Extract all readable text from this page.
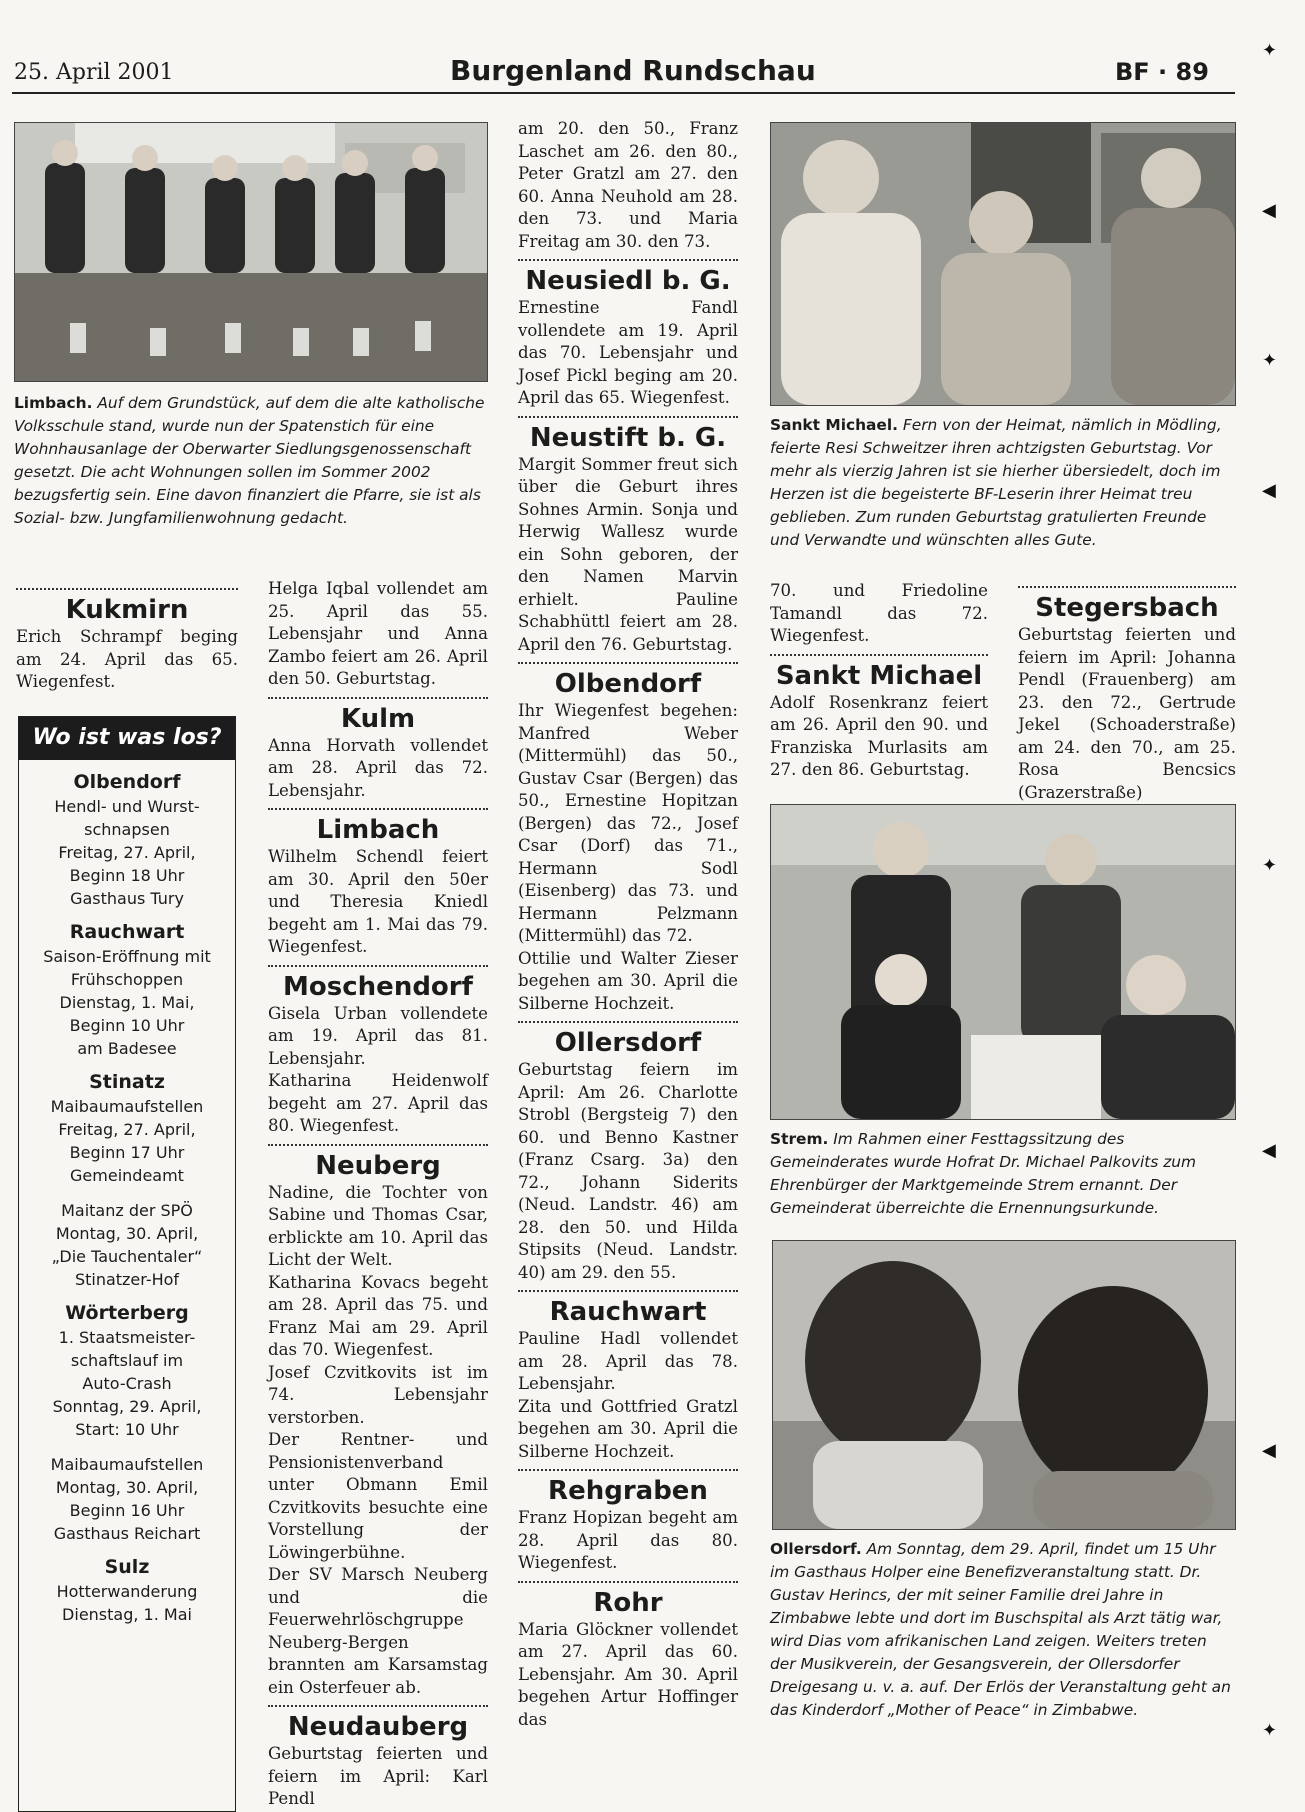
25. April 2001	Burgenland Rundschau	BF · 89

Limbach. Auf dem Grundstück, auf dem die alte katholische Volksschule stand, wurde nun der Spatenstich für eine Wohnhausanlage der Oberwarter Siedlungsgenossenschaft gesetzt. Die acht Wohnungen sollen im Sommer 2002 bezugsfertig sein. Eine davon finanziert die Pfarre, sie ist als Sozial- bzw. Jungfamilienwohnung gedacht.

Kukmirn

Erich Schrampf beging am 24. April das 65. Wiegenfest.

Wo ist was los?
Olbendorf
Hendl- und Wurst-
schnapsen
Freitag, 27. April,
Beginn 18 Uhr
Gasthaus Tury
Rauchwart
Saison-Eröffnung mit
Frühschoppen
Dienstag, 1. Mai,
Beginn 10 Uhr
am Badesee
Stinatz
Maibaumaufstellen
Freitag, 27. April,
Beginn 17 Uhr
Gemeindeamt
Maitanz der SPÖ
Montag, 30. April,
„Die Tauchentaler“
Stinatzer-Hof
Wörterberg
1. Staatsmeister-
schaftslauf im
Auto-Crash
Sonntag, 29. April,
Start: 10 Uhr
Maibaumaufstellen
Montag, 30. April,
Beginn 16 Uhr
Gasthaus Reichart
Sulz
Hotterwanderung
Dienstag, 1. Mai

Helga Iqbal vollendet am 25. April das 55. Lebensjahr und Anna Zambo feiert am 26. April den 50. Geburtstag.

Kulm

Anna Horvath vollendet am 28. April das 72. Lebensjahr.

Limbach

Wilhelm Schendl feiert am 30. April den 50er und Theresia Kniedl begeht am 1. Mai das 79. Wiegenfest.

Moschendorf

Gisela Urban vollendete am 19. April das 81. Lebensjahr.

Katharina Heidenwolf begeht am 27. April das 80. Wiegenfest.

Neuberg

Nadine, die Tochter von Sabine und Thomas Csar, erblickte am 10. April das Licht der Welt.

Katharina Kovacs begeht am 28. April das 75. und Franz Mai am 29. April das 70. Wiegenfest.

Josef Czvitkovits ist im 74. Lebensjahr verstorben.

Der Rentner- und Pensionistenverband unter Obmann Emil Czvitkovits besuchte eine Vorstellung der Löwingerbühne.

Der SV Marsch Neuberg und die Feuerwehrlöschgruppe Neuberg-Bergen brannten am Karsamstag ein Osterfeuer ab.

Neudauberg

Geburtstag feierten und feiern im April: Karl Pendl

am 20. den 50., Franz Laschet am 26. den 80., Peter Gratzl am 27. den 60. Anna Neuhold am 28. den 73. und Maria Freitag am 30. den 73.

Neusiedl b. G.

Ernestine Fandl vollendete am 19. April das 70. Lebensjahr und Josef Pickl beging am 20. April das 65. Wiegenfest.

Neustift b. G.

Margit Sommer freut sich über die Geburt ihres Sohnes Armin. Sonja und Herwig Wallesz wurde ein Sohn geboren, der den Namen Marvin erhielt. Pauline Schabhüttl feiert am 28. April den 76. Geburtstag.

Olbendorf

Ihr Wiegenfest begehen: Manfred Weber (Mittermühl) das 50., Gustav Csar (Bergen) das 50., Ernestine Hopitzan (Bergen) das 72., Josef Csar (Dorf) das 71., Hermann Sodl (Eisenberg) das 73. und Hermann Pelzmann (Mittermühl) das 72.

Ottilie und Walter Zieser begehen am 30. April die Silberne Hochzeit.

Ollersdorf

Geburtstag feiern im April: Am 26. Charlotte Strobl (Bergsteig 7) den 60. und Benno Kastner (Franz Csarg. 3a) den 72., Johann Siderits (Neud. Landstr. 46) am 28. den 50. und Hilda Stipsits (Neud. Landstr. 40) am 29. den 55.

Rauchwart

Pauline Hadl vollendet am 28. April das 78. Lebensjahr.

Zita und Gottfried Gratzl begehen am 30. April die Silberne Hochzeit.

Rehgraben

Franz Hopizan begeht am 28. April das 80. Wiegenfest.

Rohr

Maria Glöckner vollendet am 27. April das 60. Lebensjahr. Am 30. April begehen Artur Hoffinger das

Sankt Michael. Fern von der Heimat, nämlich in Mödling, feierte Resi Schweitzer ihren achtzigsten Geburtstag. Vor mehr als vierzig Jahren ist sie hierher übersiedelt, doch im Herzen ist die begeisterte BF-Leserin ihrer Heimat treu geblieben. Zum runden Geburtstag gratulierten Freunde und Verwandte und wünschten alles Gute.

70. und Friedoline Tamandl das 72. Wiegenfest.

Sankt Michael

Adolf Rosenkranz feiert am 26. April den 90. und Franziska Murlasits am 27. den 86. Geburtstag.

Stegersbach

Geburtstag feierten und feiern im April: Johanna Pendl (Frauenberg) am 23. den 72., Gertrude Jekel (Schoaderstraße) am 24. den 70., am 25. Rosa Bencsics (Grazerstraße)

Strem. Im Rahmen einer Festtagssitzung des Gemeinderates wurde Hofrat Dr. Michael Palkovits zum Ehrenbürger der Marktgemeinde Strem ernannt. Der Gemeinderat überreichte die Ernennungsurkunde.

Ollersdorf. Am Sonntag, dem 29. April, findet um 15 Uhr im Gasthaus Holper eine Benefizveranstaltung statt. Dr. Gustav Herincs, der mit seiner Familie drei Jahre in Zimbabwe lebte und dort im Buschspital als Arzt tätig war, wird Dias vom afrikanischen Land zeigen. Weiters treten der Musikverein, der Gesangsverein, der Ollersdorfer Dreigesang u. v. a. auf. Der Erlös der Veranstaltung geht an das Kinderdorf „Mother of Peace“ in Zimbabwe.

✦
◀
✦
◀
✦
◀
◀
✦
